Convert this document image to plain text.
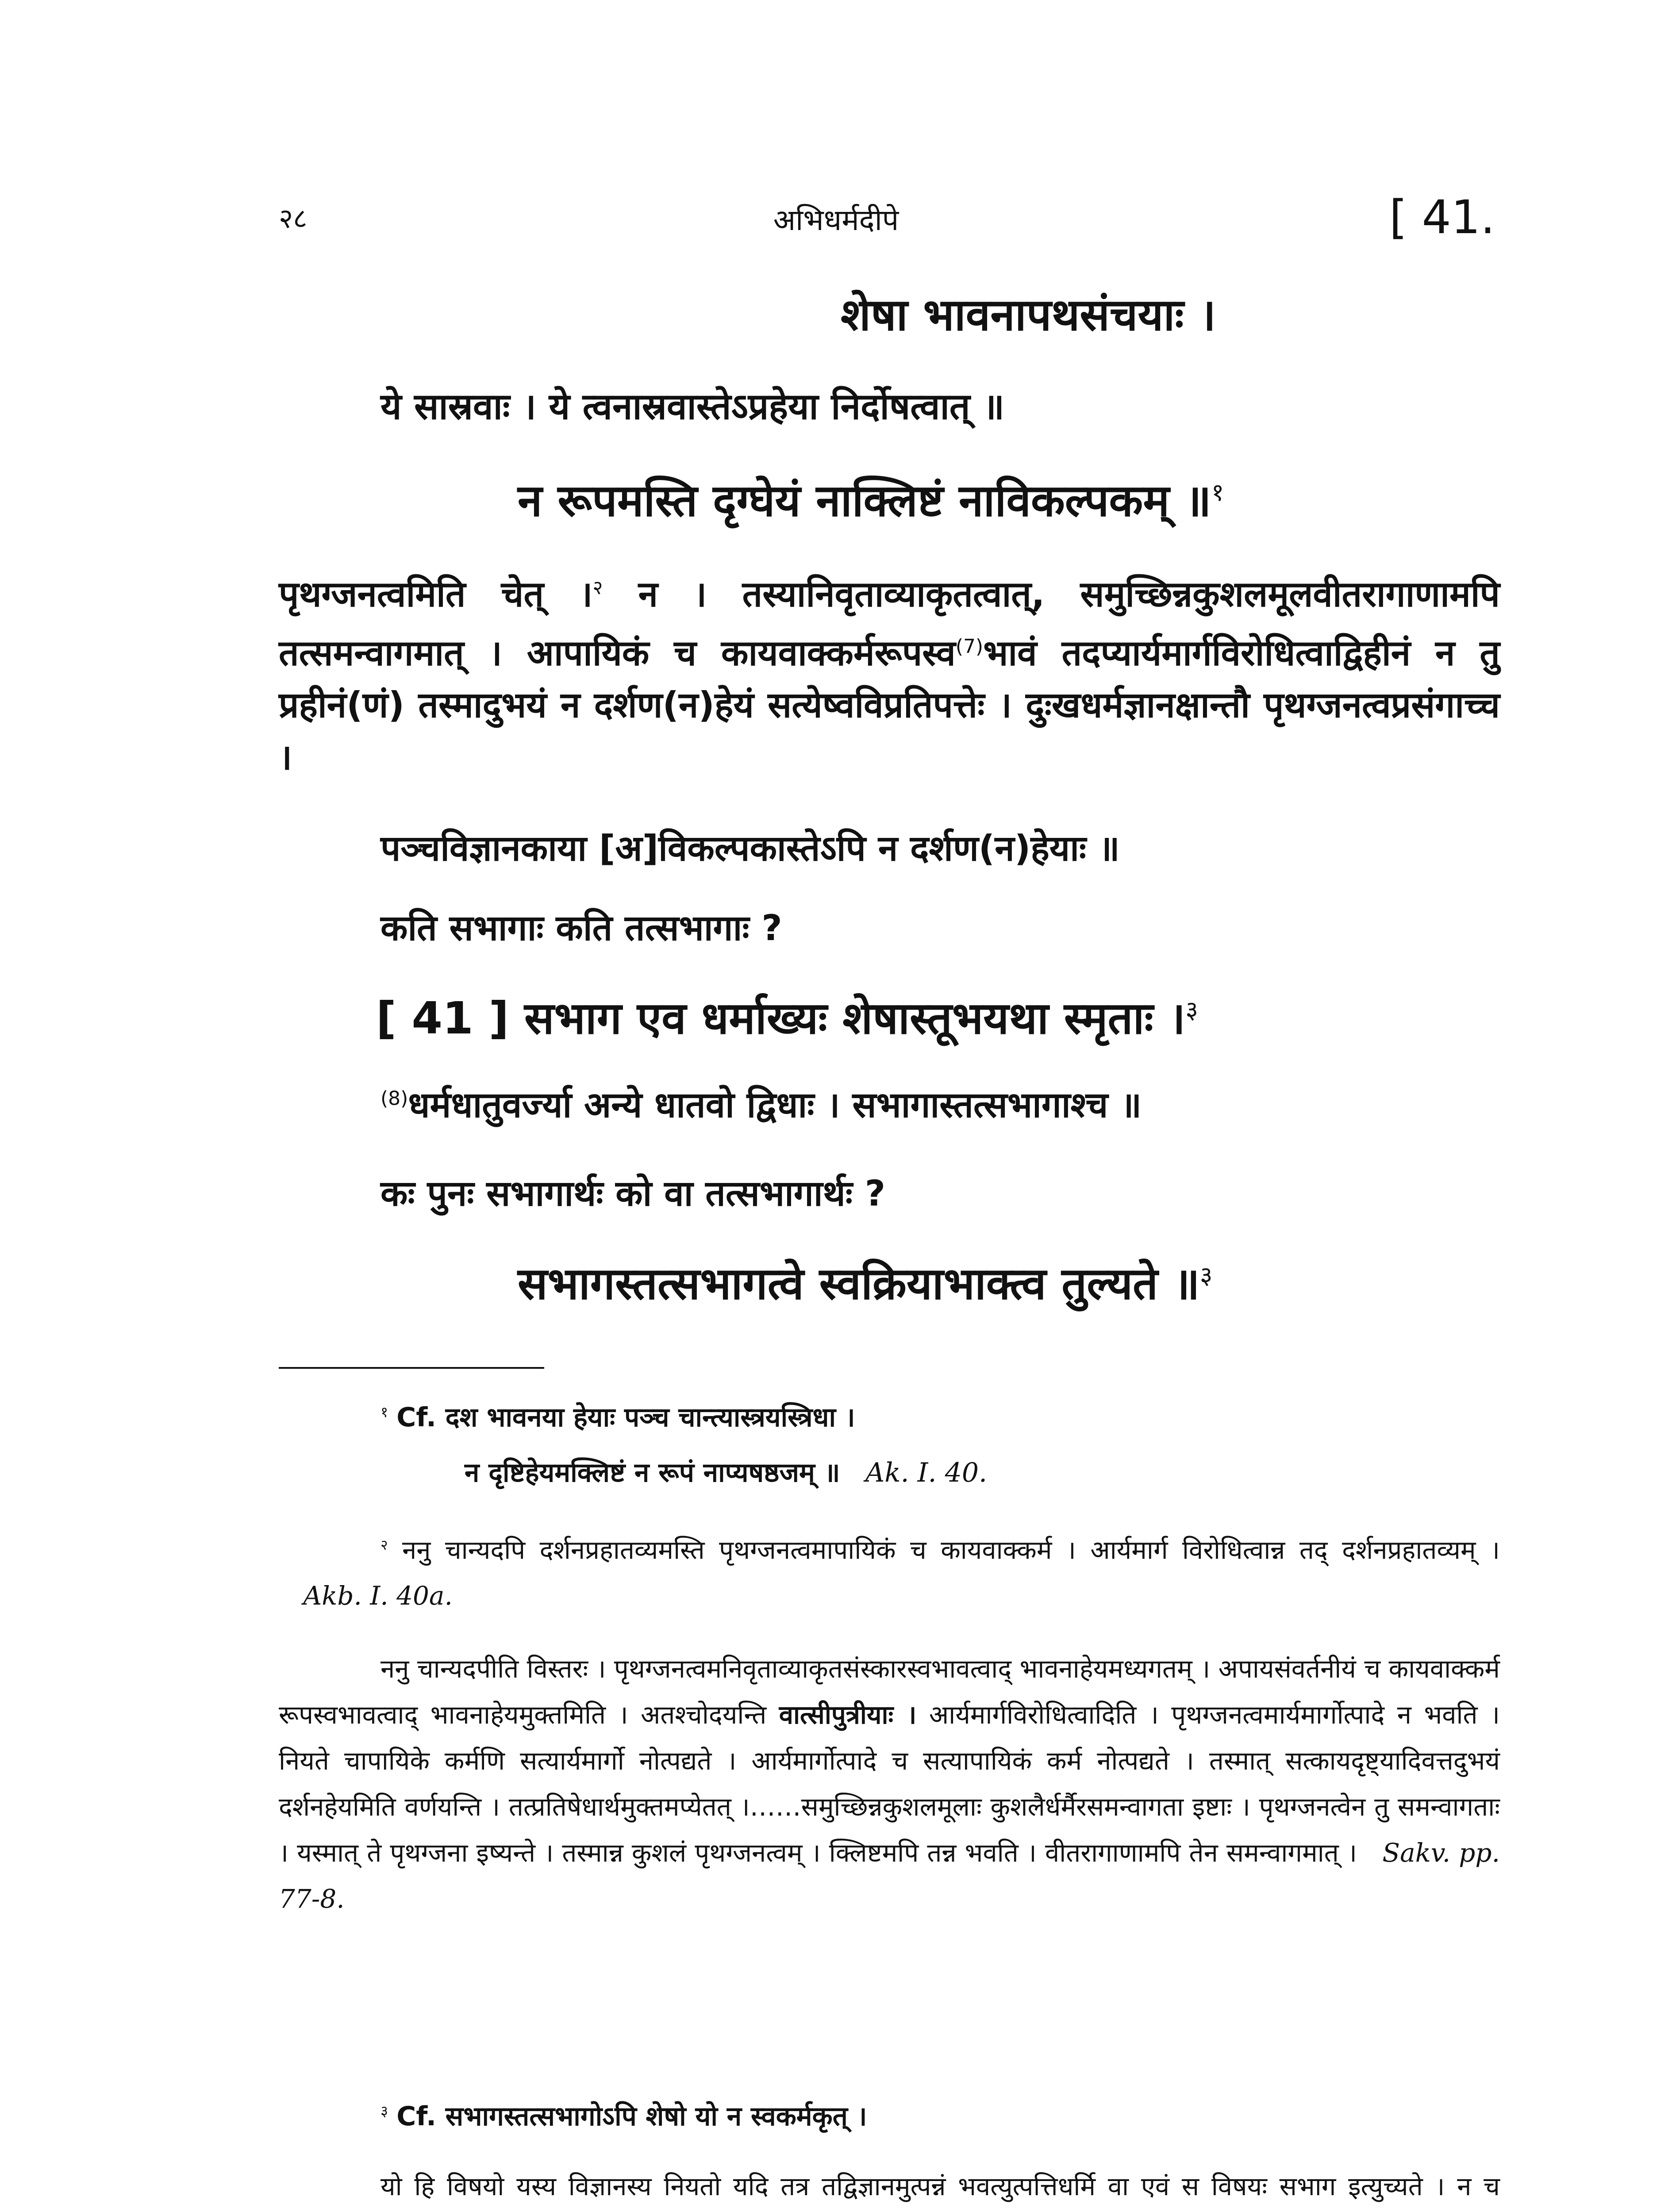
२८	अभिधर्मदीपे	[ 41.
शेषा भावनापथसंचयाः ।
ये सास्रवाः । ये त्वनास्रवास्तेऽप्रहेया निर्दोषत्वात् ॥
न रूपमस्ति दृग्घेयं नाक्लिष्टं नाविकल्पकम् ॥$^१$
पृथग्जनत्वमिति चेत् ।$^२$ न । तस्यानिवृताव्याकृतत्वात्, समुच्छिन्नकुशलमूलवीतरागाणामपि तत्समन्वागमात् । आपायिकं च कायवाक्कर्मरूपस्व$^{(7)}$भावं तदप्यार्यमार्गविरोधित्वाद्विहीनं न तु प्रहीनं(णं) तस्मादुभयं न दर्शण(न)हेयं सत्येष्वविप्रतिपत्तेः । दुःखधर्मज्ञानक्षान्तौ पृथग्जनत्वप्रसंगाच्च ।
पञ्चविज्ञानकाया [अ]विकल्पकास्तेऽपि न दर्शण(न)हेयाः ॥
कति सभागाः कति तत्सभागाः ?
[ 41 ] सभाग एव धर्माख्यः शेषास्तूभयथा स्मृताः ।$^३$
$^{(8)}$धर्मधातुवर्ज्या अन्ये धातवो द्विधाः । सभागास्तत्सभागाश्च ॥
कः पुनः सभागार्थः को वा तत्सभागार्थः ?
सभागस्तत्सभागत्वे स्वक्रियाभाक्त्व तुल्यते ॥$^३$
$^१$ Cf. दश भावनया हेयाः पञ्च चान्त्यास्त्रयस्त्रिधा ।
न दृष्टिहेयमक्लिष्टं न रूपं नाप्यषष्ठजम् ॥ Ak. I. 40.
$^२$ ननु चान्यदपि दर्शनप्रहातव्यमस्ति पृथग्जनत्वमापायिकं च कायवाक्कर्म । आर्यमार्ग विरोधित्वान्न तद् दर्शनप्रहातव्यम् ।   Akb. I. 40a.
ननु चान्यदपीति विस्तरः । पृथग्जनत्वमनिवृताव्याकृतसंस्कारस्वभावत्वाद् भावनाहेयमध्यगतम् । अपायसंवर्तनीयं च कायवाक्कर्म रूपस्वभावत्वाद् भावनाहेयमुक्तमिति । अतश्चोदयन्ति वात्सीपुत्रीयाः । आर्यमार्गविरोधित्वादिति । पृथग्जनत्वमार्यमार्गोत्पादे न भवति । नियते चापायिके कर्मणि सत्यार्यमार्गो नोत्पद्यते । आर्यमार्गोत्पादे च सत्यापायिकं कर्म नोत्पद्यते । तस्मात् सत्कायदृष्ट्यादिवत्तदुभयं दर्शनहेयमिति वर्णयन्ति । तत्प्रतिषेधार्थमुक्तमप्येतत् ।……समुच्छिन्नकुशलमूलाः कुशलैर्धर्मैरसमन्वागता इष्टाः । पृथग्जनत्वेन तु समन्वागताः । यस्मात् ते पृथग्जना इष्यन्ते । तस्मान्न कुशलं पृथग्जनत्वम् । क्लिष्टमपि तन्न भवति । वीतरागाणामपि तेन समन्वागमात् । Sakv. pp. 77-8.
$^३$ Cf. सभागस्तत्सभागोऽपि शेषो यो न स्वकर्मकृत् ।
यो हि विषयो यस्य विज्ञानस्य नियतो यदि तत्र तद्विज्ञानमुत्पन्नं भवत्युत्पत्तिधर्मि वा एवं स विषयः सभाग इत्युच्यते । न च
